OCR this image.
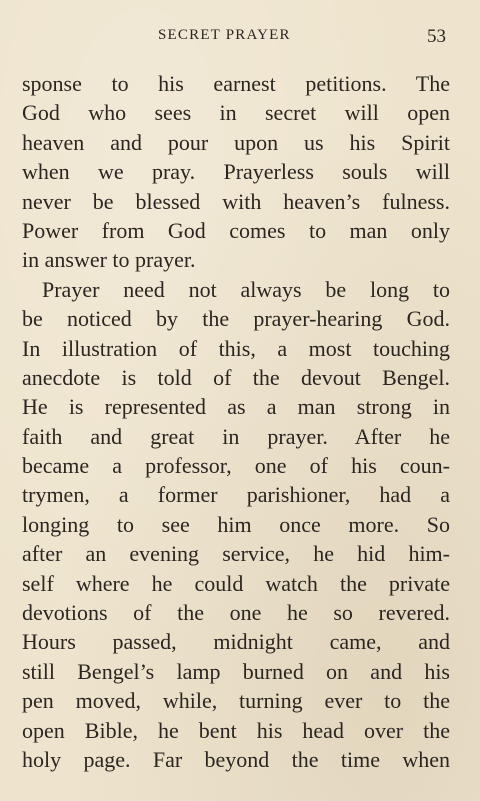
SECRET PRAYER	53
sponse to his earnest petitions. The
God who sees in secret will open
heaven and pour upon us his Spirit
when we pray. Prayerless souls will
never be blessed with heaven’s fulness.
Power from God comes to man only
in answer to prayer.
Prayer need not always be long to
be noticed by the prayer-hearing God.
In illustration of this, a most touching
anecdote is told of the devout Bengel.
He is represented as a man strong in
faith and great in prayer. After he
became a professor, one of his coun-
trymen, a former parishioner, had a
longing to see him once more. So
after an evening service, he hid him-
self where he could watch the private
devotions of the one he so revered.
Hours passed, midnight came, and
still Bengel’s lamp burned on and his
pen moved, while, turning ever to the
open Bible, he bent his head over the
holy page. Far beyond the time when
